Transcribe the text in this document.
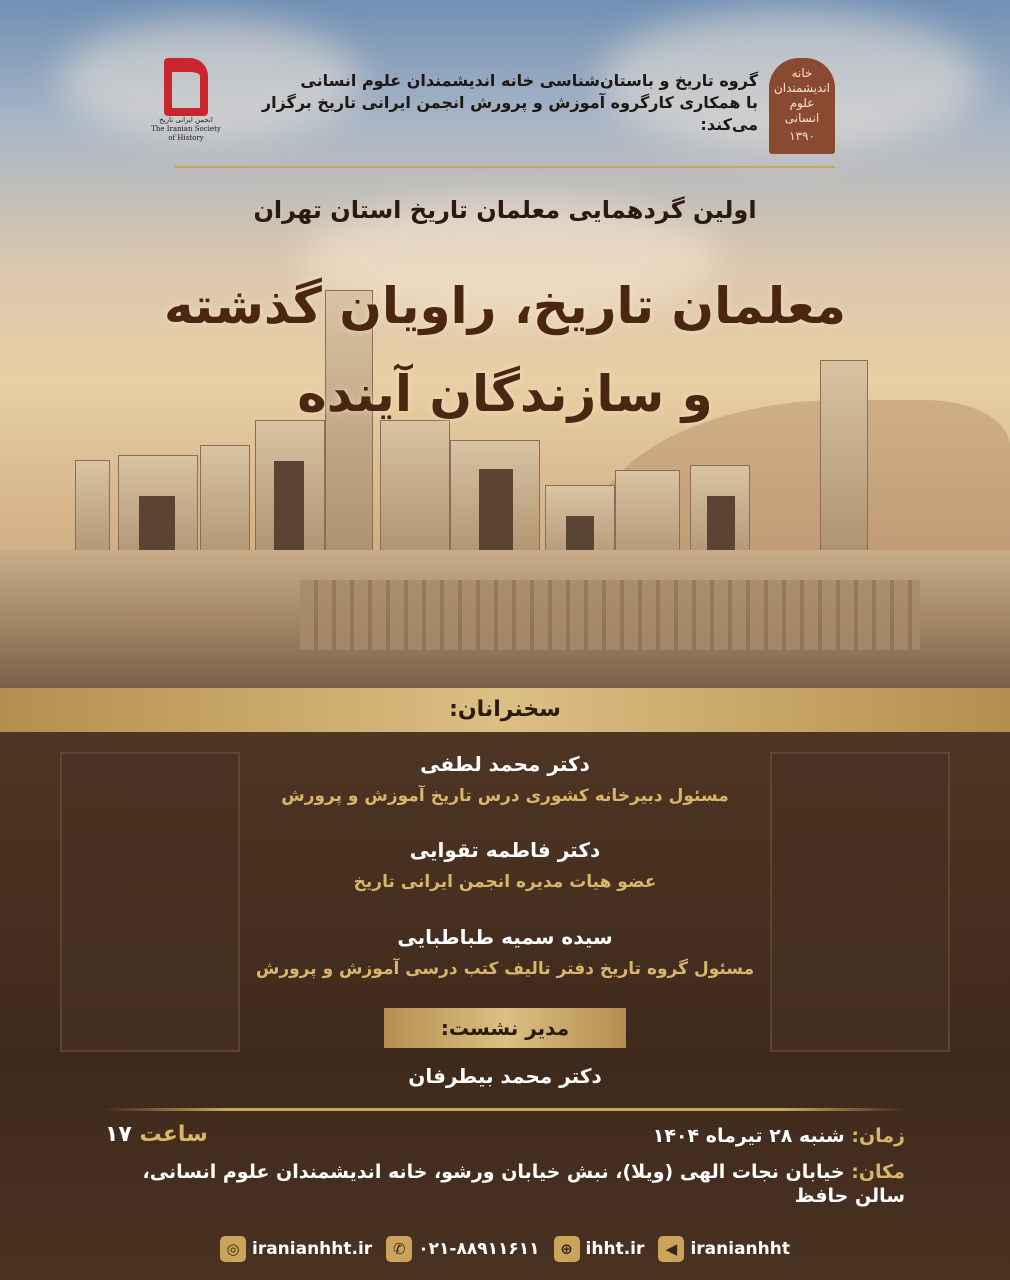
انجمن ایرانی تاریخ
The Iranian Society of History
گروه تاریخ و باستان‌شناسی خانه اندیشمندان علوم انسانی
با همکاری کارگروه آموزش و پرورش انجمن ایرانی تاریخ برگزار می‌کند:
خانه اندیشمندان علوم انسانی
۱۳۹۰
اولین گردهمایی معلمان تاریخ استان تهران
معلمان تاریخ، راویان گذشته
و سازندگان آینده
سخنرانان:
دکتر محمد لطفی
مسئول دبیرخانه کشوری درس تاریخ آموزش و پرورش
دکتر فاطمه تقوایی
عضو هیات مدیره انجمن ایرانی تاریخ
سیده سمیه طباطبایی
مسئول گروه تاریخ دفتر تالیف کتب درسی آموزش و پرورش
مدیر نشست:
دکتر محمد بیطرفان
زمان: شنبه ۲۸ تیرماه ۱۴۰۴
ساعت ۱۷
مکان: خیابان نجات الهی (ویلا)، نبش خیابان ورشو، خانه اندیشمندان علوم انسانی، سالن حافظ
◎ iranianhht.ir	✆ ۰۲۱-۸۸۹۱۱۶۱۱	⊕ ihht.ir	◀ iranianhht
